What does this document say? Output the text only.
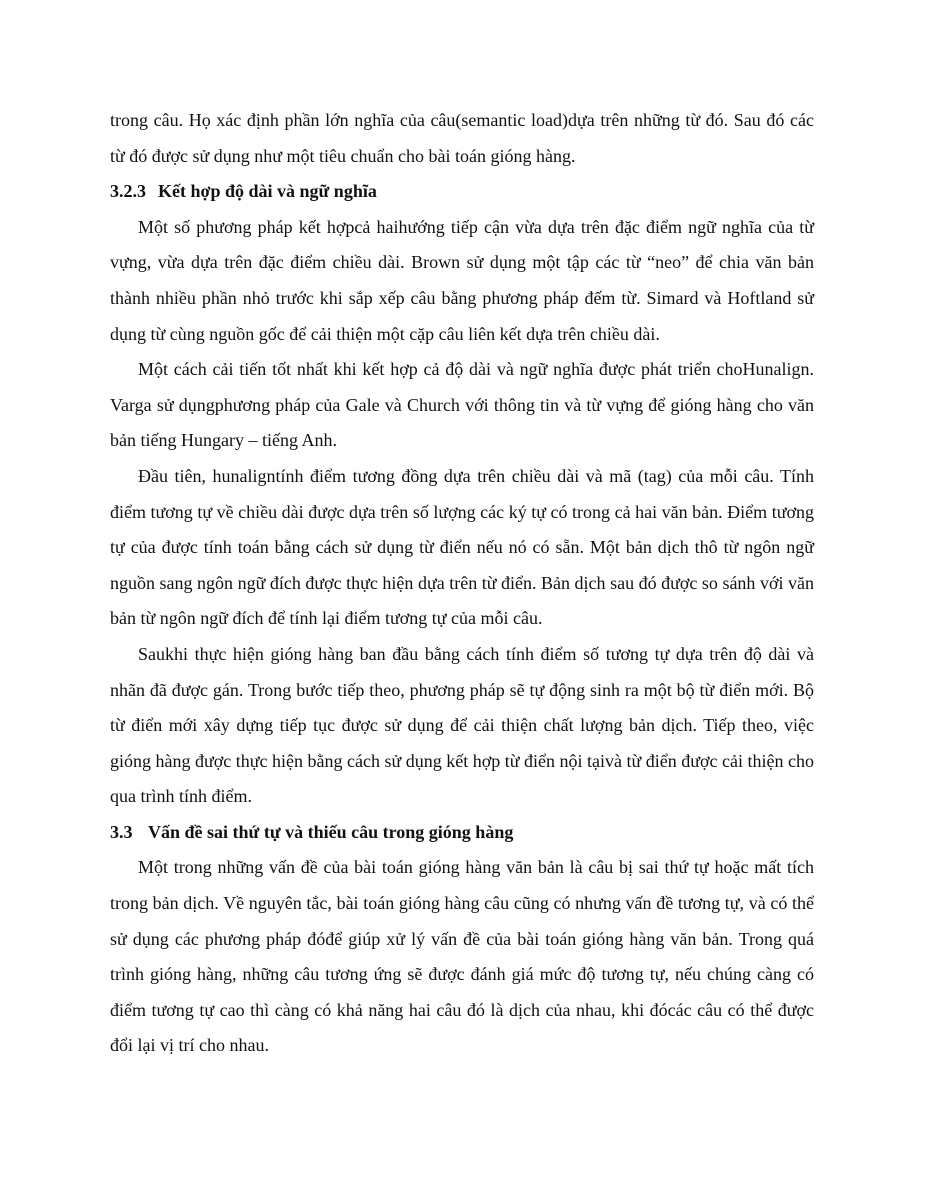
trong câu. Họ xác định phần lớn nghĩa của câu(semantic load)dựa trên những từ đó. Sau đó các từ đó được sử dụng như một tiêu chuẩn cho bài toán gióng hàng.

3.2.3 Kết hợp độ dài và ngữ nghĩa

Một số phương pháp kết hợpcả haihướng tiếp cận vừa dựa trên đặc điểm ngữ nghĩa của từ vựng, vừa dựa trên đặc điểm chiều dài. Brown sử dụng một tập các từ “neo” để chia văn bản thành nhiều phần nhỏ trước khi sắp xếp câu bằng phương pháp đếm từ. Simard và Hoftland sử dụng từ cùng nguồn gốc để cải thiện một cặp câu liên kết dựa trên chiều dài.

Một cách cải tiến tốt nhất khi kết hợp cả độ dài và ngữ nghĩa được phát triển choHunalign. Varga sử dụngphương pháp của Gale và Church với thông tin và từ vựng để gióng hàng cho văn bản tiếng Hungary – tiếng Anh.

Đầu tiên, hunaligntính điểm tương đồng dựa trên chiều dài và mã (tag) của mỗi câu. Tính điểm tương tự về chiều dài được dựa trên số lượng các ký tự có trong cả hai văn bản. Điểm tương tự của được tính toán bằng cách sử dụng từ điển nếu nó có sẵn. Một bản dịch thô từ ngôn ngữ nguồn sang ngôn ngữ đích được thực hiện dựa trên từ điển. Bản dịch sau đó được so sánh với văn bản từ ngôn ngữ đích để tính lại điểm tương tự của mỗi câu.

Saukhi thực hiện gióng hàng ban đầu bằng cách tính điểm số tương tự dựa trên độ dài và nhãn đã được gán. Trong bước tiếp theo, phương pháp sẽ tự động sinh ra một bộ từ điển mới. Bộ từ điển mới xây dựng tiếp tục được sử dụng để cải thiện chất lượng bản dịch. Tiếp theo, việc gióng hàng được thực hiện bằng cách sử dụng kết hợp từ điển nội tạivà từ điển được cải thiện cho qua trình tính điểm.

3.3 Vấn đề sai thứ tự và thiếu câu trong gióng hàng

Một trong những vấn đề của bài toán gióng hàng văn bản là câu bị sai thứ tự hoặc mất tích trong bản dịch. Về nguyên tắc, bài toán gióng hàng câu cũng có nhưng vấn đề tương tự, và có thể sử dụng các phương pháp đóđể giúp xử lý vấn đề của bài toán gióng hàng văn bản. Trong quá trình gióng hàng, những câu tương ứng sẽ được đánh giá mức độ tương tự, nếu chúng càng có điểm tương tự cao thì càng có khả năng hai câu đó là dịch của nhau, khi đócác câu có thể được đổi lại vị trí cho nhau.
